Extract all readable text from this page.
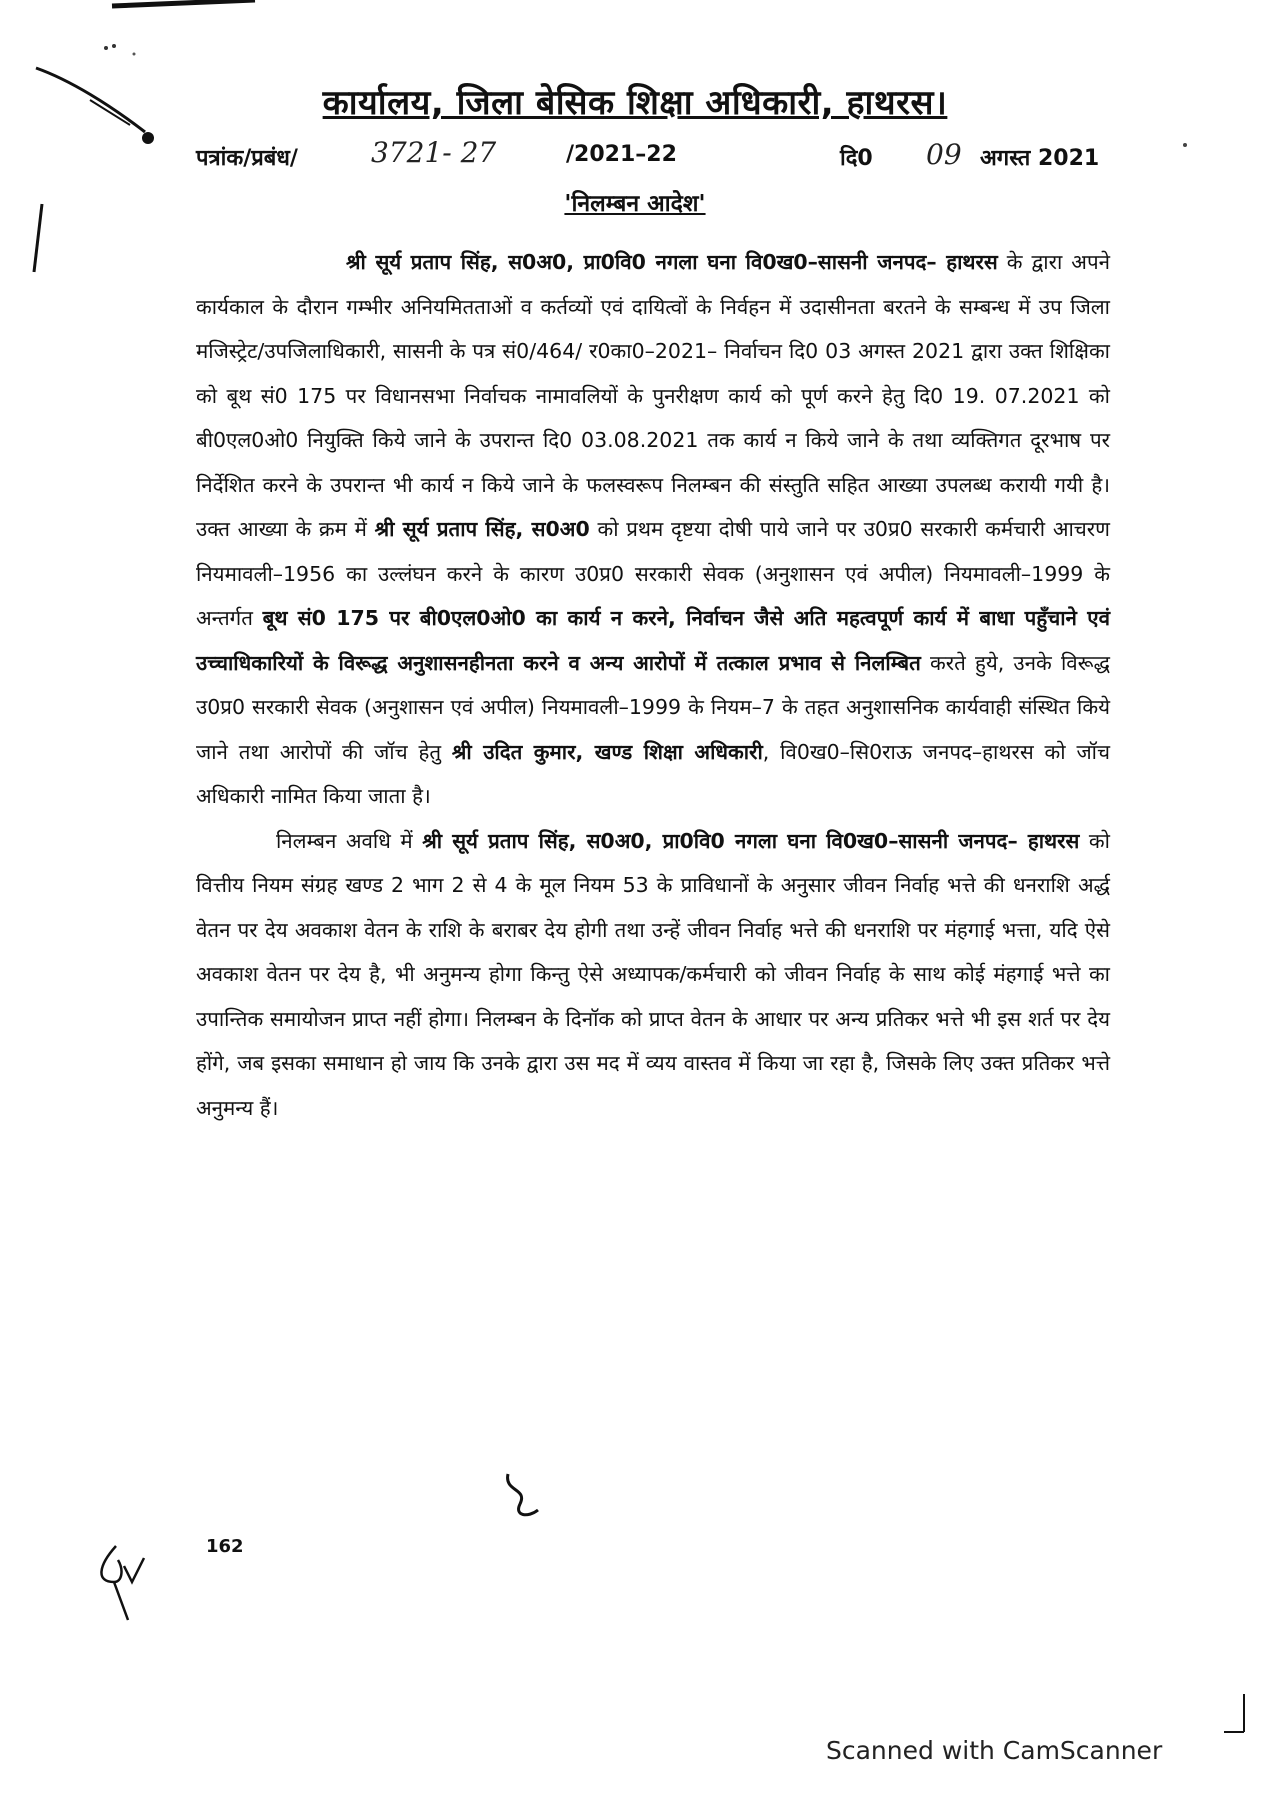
कार्यालय, जिला बेसिक शिक्षा अधिकारी, हाथरस।
पत्रांक/प्रबंध/	3721- 27	/2021–22	दि0 09 अगस्त 2021
'निलम्बन आदेश'

श्री सूर्य प्रताप सिंह, स0अ0, प्रा0वि0 नगला घना वि0ख0–सासनी जनपद– हाथरस के द्वारा अपने कार्यकाल के दौरान गम्भीर अनियमितताओं व कर्तव्यों एवं दायित्वों के निर्वहन में उदासीनता बरतने के सम्बन्ध में उप जिला मजिस्ट्रेट/उपजिलाधिकारी, सासनी के पत्र सं0/464/ र0का0–2021– निर्वाचन दि0 03 अगस्त 2021 द्वारा उक्त शिक्षिका को बूथ सं0 175 पर विधानसभा निर्वाचक नामावलियों के पुनरीक्षण कार्य को पूर्ण करने हेतु दि0 19. 07.2021 को बी0एल0ओ0 नियुक्ति किये जाने के उपरान्त दि0 03.08.2021 तक कार्य न किये जाने के तथा व्यक्तिगत दूरभाष पर निर्देशित करने के उपरान्त भी कार्य न किये जाने के फलस्वरूप निलम्बन की संस्तुति सहित आख्या उपलब्ध करायी गयी है। उक्त आख्या के क्रम में श्री सूर्य प्रताप सिंह, स0अ0 को प्रथम दृष्टया दोषी पाये जाने पर उ0प्र0 सरकारी कर्मचारी आचरण नियमावली–1956 का उल्लंघन करने के कारण उ0प्र0 सरकारी सेवक (अनुशासन एवं अपील) नियमावली–1999 के अन्तर्गत बूथ सं0 175 पर बी0एल0ओ0 का कार्य न करने, निर्वाचन जैसे अति महत्वपूर्ण कार्य में बाधा पहुँचाने एवं उच्चाधिकारियों के विरूद्ध अनुशासनहीनता करने व अन्य आरोपों में तत्काल प्रभाव से निलम्बित करते हुये, उनके विरूद्ध उ0प्र0 सरकारी सेवक (अनुशासन एवं अपील) नियमावली–1999 के नियम–7 के तहत अनुशासनिक कार्यवाही संस्थित किये जाने तथा आरोपों की जॉच हेतु श्री उदित कुमार, खण्ड शिक्षा अधिकारी, वि0ख0–सि0राऊ जनपद–हाथरस को जॉच अधिकारी नामित किया जाता है।

निलम्बन अवधि में श्री सूर्य प्रताप सिंह, स0अ0, प्रा0वि0 नगला घना वि0ख0–सासनी जनपद– हाथरस को वित्तीय नियम संग्रह खण्ड 2 भाग 2 से 4 के मूल नियम 53 के प्राविधानों के अनुसार जीवन निर्वाह भत्ते की धनराशि अर्द्ध वेतन पर देय अवकाश वेतन के राशि के बराबर देय होगी तथा उन्हें जीवन निर्वाह भत्ते की धनराशि पर मंहगाई भत्ता, यदि ऐसे अवकाश वेतन पर देय है, भी अनुमन्य होगा किन्तु ऐसे अध्यापक/कर्मचारी को जीवन निर्वाह के साथ कोई मंहगाई भत्ते का उपान्तिक समायोजन प्राप्त नहीं होगा। निलम्बन के दिनॉक को प्राप्त वेतन के आधार पर अन्य प्रतिकर भत्ते भी इस शर्त पर देय होंगे, जब इसका समाधान हो जाय कि उनके द्वारा उस मद में व्यय वास्तव में किया जा रहा है, जिसके लिए उक्त प्रतिकर भत्ते अनुमन्य हैं।

162
Scanned with CamScanner
